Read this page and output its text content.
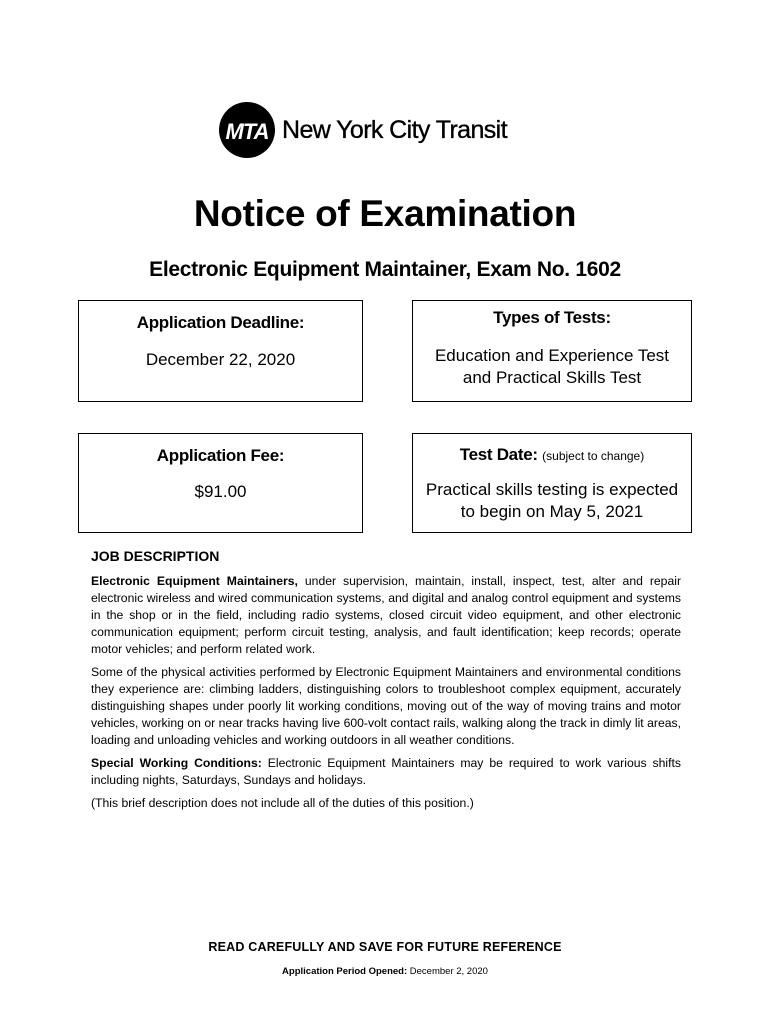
MTA New York City Transit
Notice of Examination
Electronic Equipment Maintainer, Exam No. 1602
Application Deadline:
December 22, 2020
Types of Tests:
Education and Experience Test
and Practical Skills Test
Application Fee:
$91.00
Test Date: (subject to change)
Practical skills testing is expected
to begin on May 5, 2021
JOB DESCRIPTION

Electronic Equipment Maintainers, under supervision, maintain, install, inspect, test, alter and repair electronic wireless and wired communication systems, and digital and analog control equipment and systems in the shop or in the field, including radio systems, closed circuit video equipment, and other electronic communication equipment; perform circuit testing, analysis, and fault identification; keep records; operate motor vehicles; and perform related work.

Some of the physical activities performed by Electronic Equipment Maintainers and environmental conditions they experience are: climbing ladders, distinguishing colors to troubleshoot complex equipment, accurately distinguishing shapes under poorly lit working conditions, moving out of the way of moving trains and motor vehicles, working on or near tracks having live 600-volt contact rails, walking along the track in dimly lit areas, loading and unloading vehicles and working outdoors in all weather conditions.

Special Working Conditions: Electronic Equipment Maintainers may be required to work various shifts including nights, Saturdays, Sundays and holidays.

(This brief description does not include all of the duties of this position.)

READ CAREFULLY AND SAVE FOR FUTURE REFERENCE
Application Period Opened: December 2, 2020
